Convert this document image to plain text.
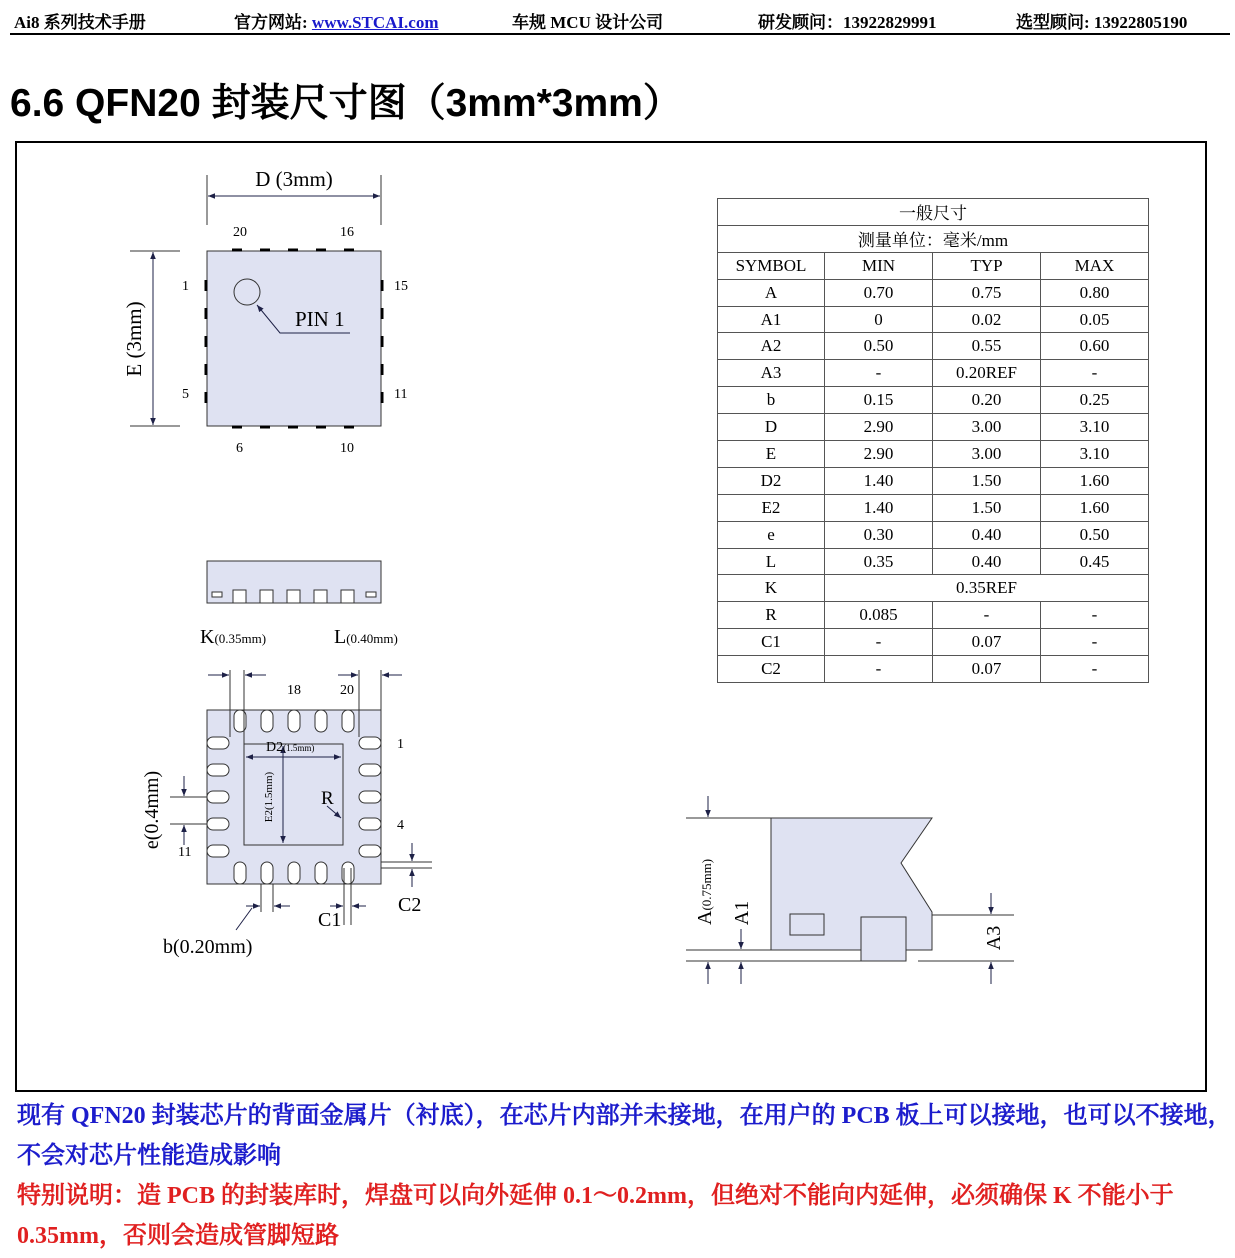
Ai8 系列技术手册	官方网站: www.STCAI.com	车规 MCU 设计公司	研发顾问：13922829991	选型顾问: 13922805190
6.6 QFN20 封装尺寸图（3mm*3mm）
PIN 1
D (3mm)
E (3mm)
20	16
1	15
5	11
6	10
D2(1.5mm)
E2(1.5mm) R
18	20
1
4
11
K(0.35mm)	L(0.40mm)
e(0.4mm)
b(0.20mm)
C1
C2
A(0.75mm)
A1
A3
一般尺寸			
测量单位：毫米/mm			
SYMBOL	MIN	TYP	MAX
A	0.70	0.75	0.80
A1	0	0.02	0.05
A2	0.50	0.55	0.60
A3	-	0.20REF	-
b	0.15	0.20	0.25
D	2.90	3.00	3.10
E	2.90	3.00	3.10
D2	1.40	1.50	1.60
E2	1.40	1.50	1.60
e	0.30	0.40	0.50
L	0.35	0.40	0.45
K	0.35REF		
R	0.085	-	-
C1	-	0.07	-
C2	-	0.07	-
现有 QFN20 封装芯片的背面金属片（衬底），在芯片内部并未接地，在用户的 PCB 板上可以接地，也可以不接地，不会对芯片性能造成影响
特别说明：造 PCB 的封装库时，焊盘可以向外延伸 0.1～0.2mm，但绝对不能向内延伸，必须确保 K 不能小于 0.35mm，否则会造成管脚短路
